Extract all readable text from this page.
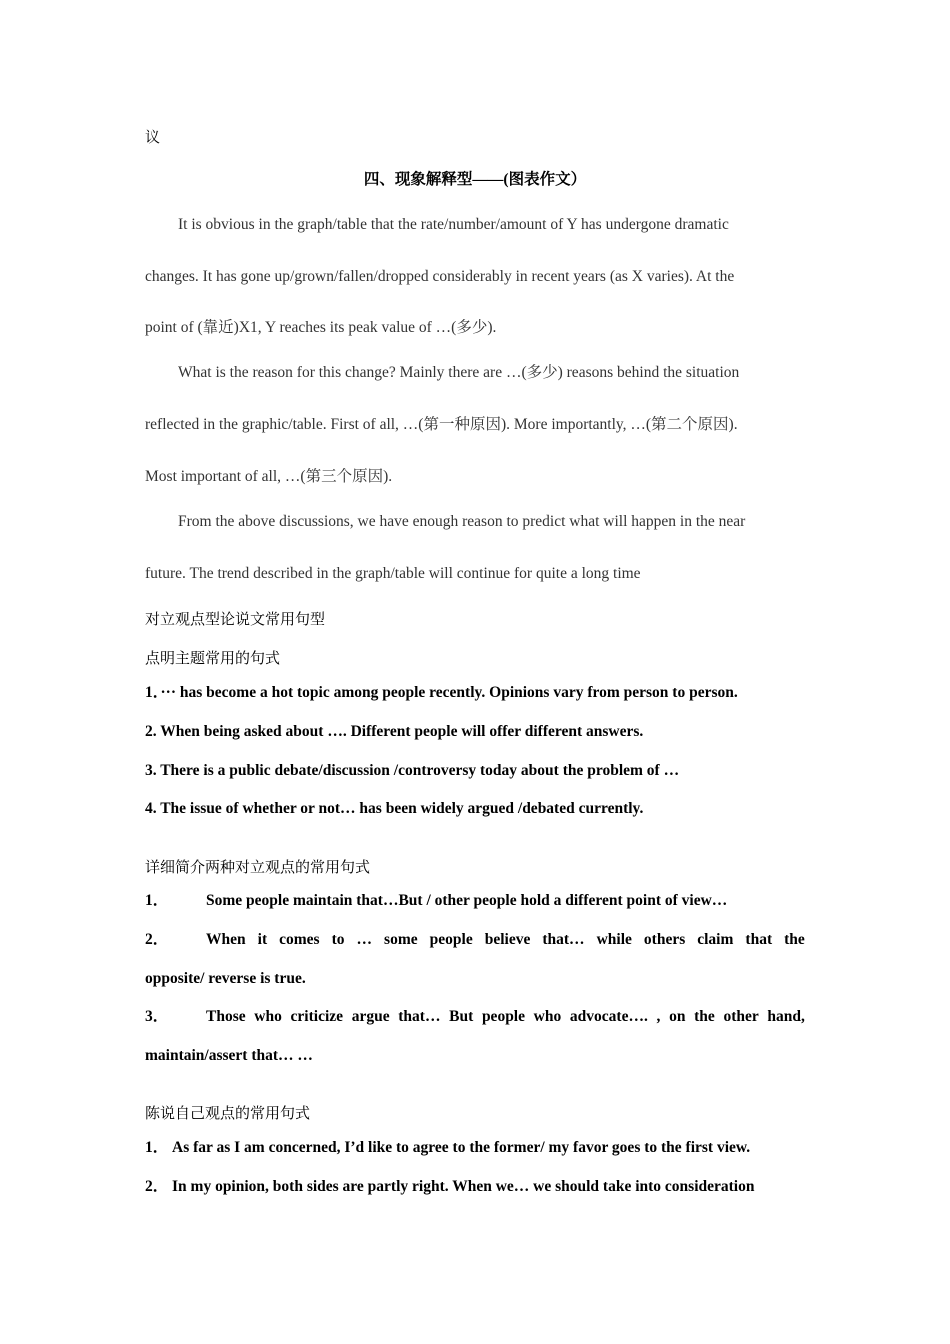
议
四、现象解释型——(图表作文）
It is obvious in the graph/table that the rate/number/amount of Y has undergone dramatic
changes. It has gone up/grown/fallen/dropped considerably in recent years (as X varies). At the
point of (靠近)X1, Y reaches its peak value of …(多少).
What is the reason for this change? Mainly there are …(多少) reasons behind the situation
reflected in the graphic/table. First of all, …(第一种原因). More importantly, …(第二个原因).
Most important of all, …(第三个原因).
From the above discussions, we have enough reason to predict what will happen in the near
future. The trend described in the graph/table will continue for quite a long time
对立观点型论说文常用句型
点明主题常用的句式
1．··· has become a hot topic among people recently. Opinions vary from person to person.
2. When being asked about …. Different people will offer different answers.
3. There is a public debate/discussion /controversy today about the problem of …
4. The issue of whether or not… has been widely argued /debated currently.
详细简介两种对立观点的常用句式
1． Some people maintain that…But / other people hold a different point of view…
2． When it comes to … some people believe that… while others claim that the
opposite/ reverse is true.
3． Those who criticize argue that… But people who advocate…. , on the other hand,
maintain/assert that… …
陈说自己观点的常用句式
1． As far as I am concerned, I’d like to agree to the former/ my favor goes to the first view.
2． In my opinion, both sides are partly right. When we… we should take into consideration
